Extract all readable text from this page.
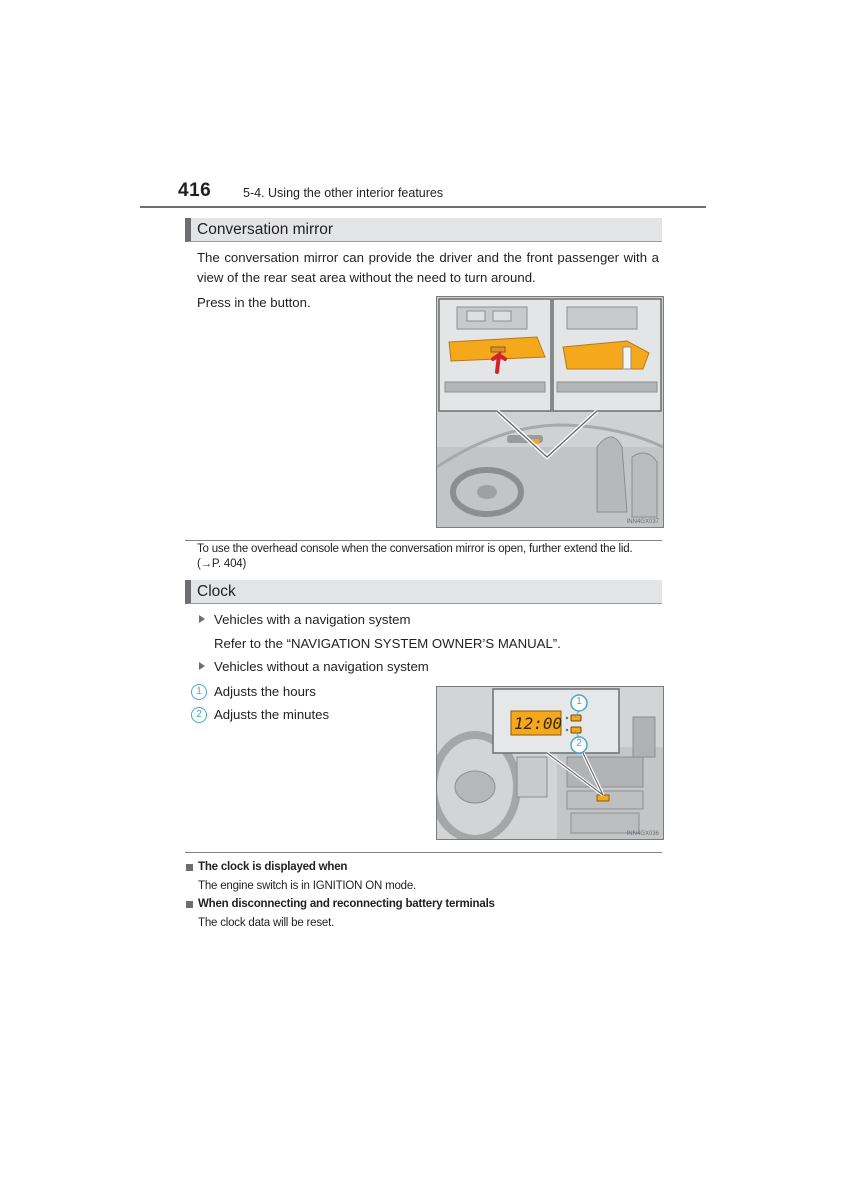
416	5-4. Using the other interior features
Conversation mirror
The conversation mirror can provide the driver and the front passenger with a view of the rear seat area without the need to turn around.
Press in the button.
INN4GX037
To use the overhead console when the conversation mirror is open, further extend the lid.
(→P. 404)
Clock
Vehicles with a navigation system
Refer to the “NAVIGATION SYSTEM OWNER’S MANUAL”.
Vehicles without a navigation system
1 Adjusts the hours
2 Adjusts the minutes	12:00
1
2
INN4GX036
The clock is displayed when
The engine switch is in IGNITION ON mode.
When disconnecting and reconnecting battery terminals
The clock data will be reset.
